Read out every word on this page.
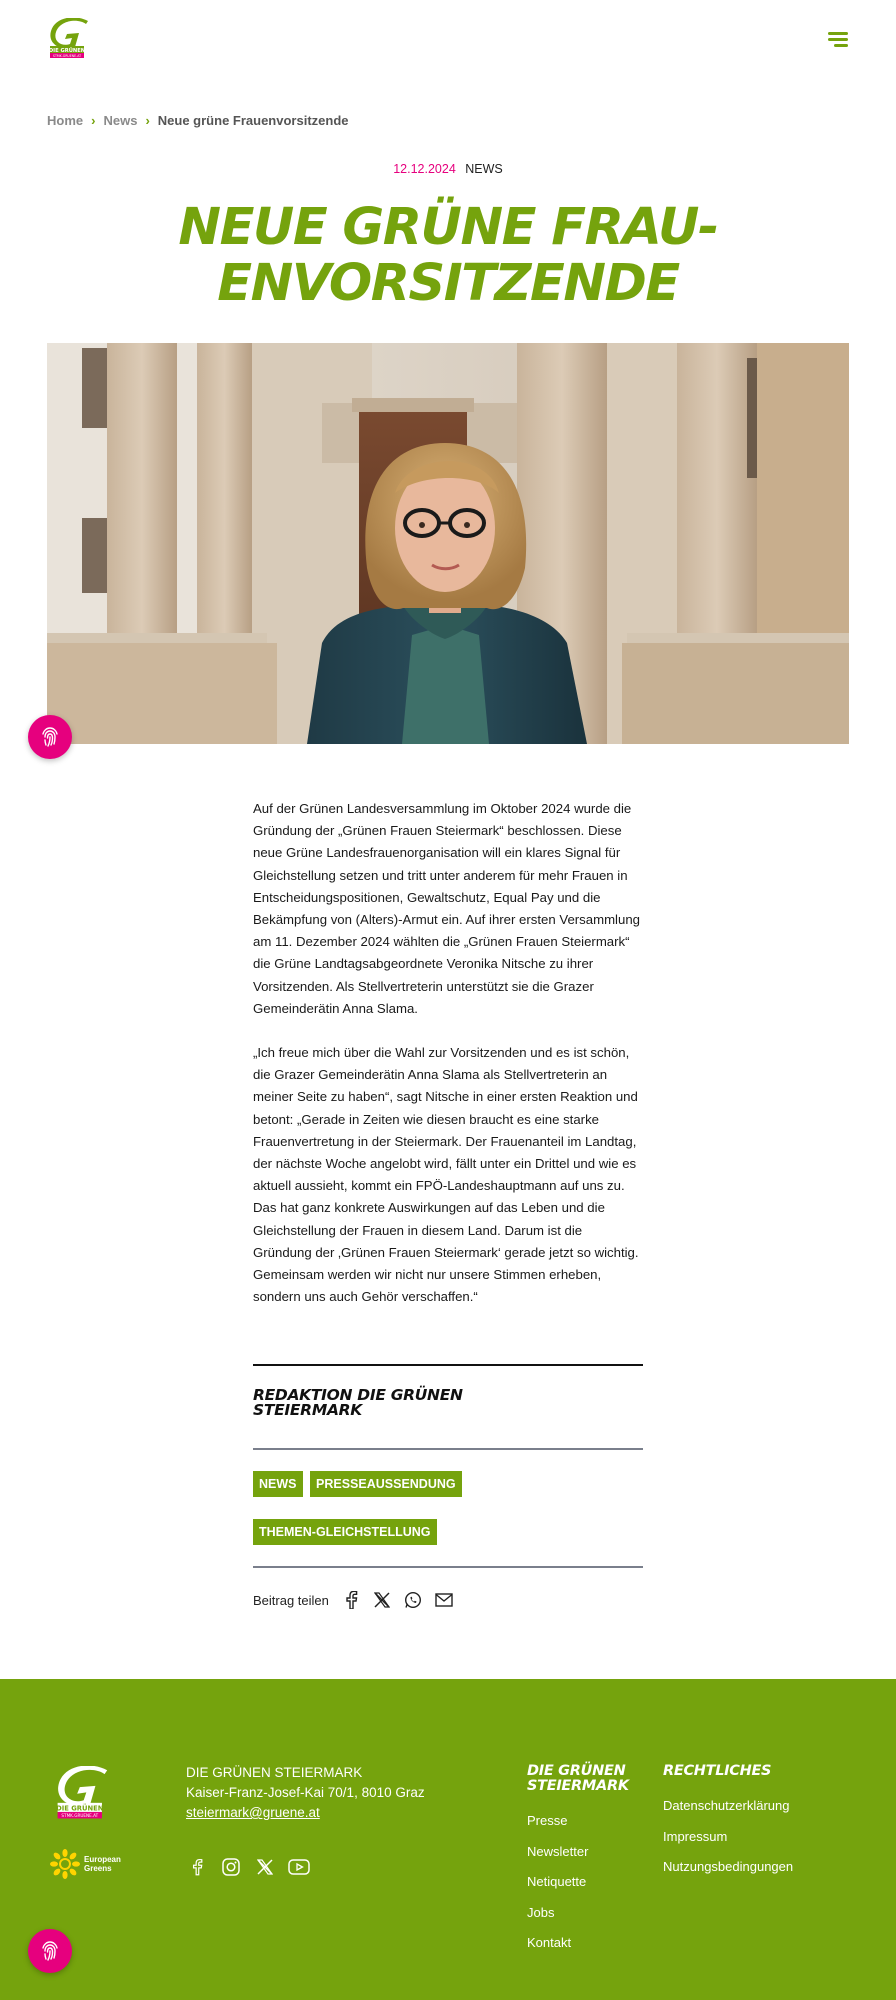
DIE GRÜNEN
STMK.GRUENE.AT
Home › News › Neue grüne Frauenvorsitzende
12.12.2024 NEWS
NEUE GRÜNE FRAU-ENVORSITZENDE

Auf der Grünen Landesversammlung im Oktober 2024 wurde die Gründung der „Grünen Frauen Steiermark“ beschlossen. Diese neue Grüne Landesfrauenorganisation will ein klares Signal für Gleichstellung setzen und tritt unter anderem für mehr Frauen in Entscheidungspositionen, Gewaltschutz, Equal Pay und die Bekämpfung von (Alters)-Armut ein. Auf ihrer ersten Versammlung am 11. Dezember 2024 wählten die „Grünen Frauen Steiermark“ die Grüne Landtagsabgeordnete Veronika Nitsche zu ihrer Vorsitzenden. Als Stellvertreterin unterstützt sie die Grazer Gemeinderätin Anna Slama.

„Ich freue mich über die Wahl zur Vorsitzenden und es ist schön, die Grazer Gemeinderätin Anna Slama als Stellvertreterin an meiner Seite zu haben“, sagt Nitsche in einer ersten Reaktion und betont: „Gerade in Zeiten wie diesen braucht es eine starke Frauenvertretung in der Steiermark. Der Frauenanteil im Landtag, der nächste Woche angelobt wird, fällt unter ein Drittel und wie es aktuell aussieht, kommt ein FPÖ-Landeshauptmann auf uns zu. Das hat ganz konkrete Auswirkungen auf das Leben und die Gleichstellung der Frauen in diesem Land. Darum ist die Gründung der ‚Grünen Frauen Steiermark‘ gerade jetzt so wichtig. Gemeinsam werden wir nicht nur unsere Stimmen erheben, sondern uns auch Gehör verschaffen.“

REDAKTION DIE GRÜNEN STEIERMARK
NEWS	PRESSEAUSSENDUNG
THEMEN-GLEICHSTELLUNG
Beitrag teilen
DIE GRÜNEN
STMK.GRUENE.AT
European
Greens
DIE GRÜNEN STEIERMARK
Kaiser-Franz-Josef-Kai 70/1, 8010 Graz
steiermark@gruene.at
DIE GRÜNEN STEIERMARK
Presse
Newsletter
Netiquette
Jobs
Kontakt
RECHTLICHES
Datenschutzerklärung
Impressum
Nutzungsbedingungen
